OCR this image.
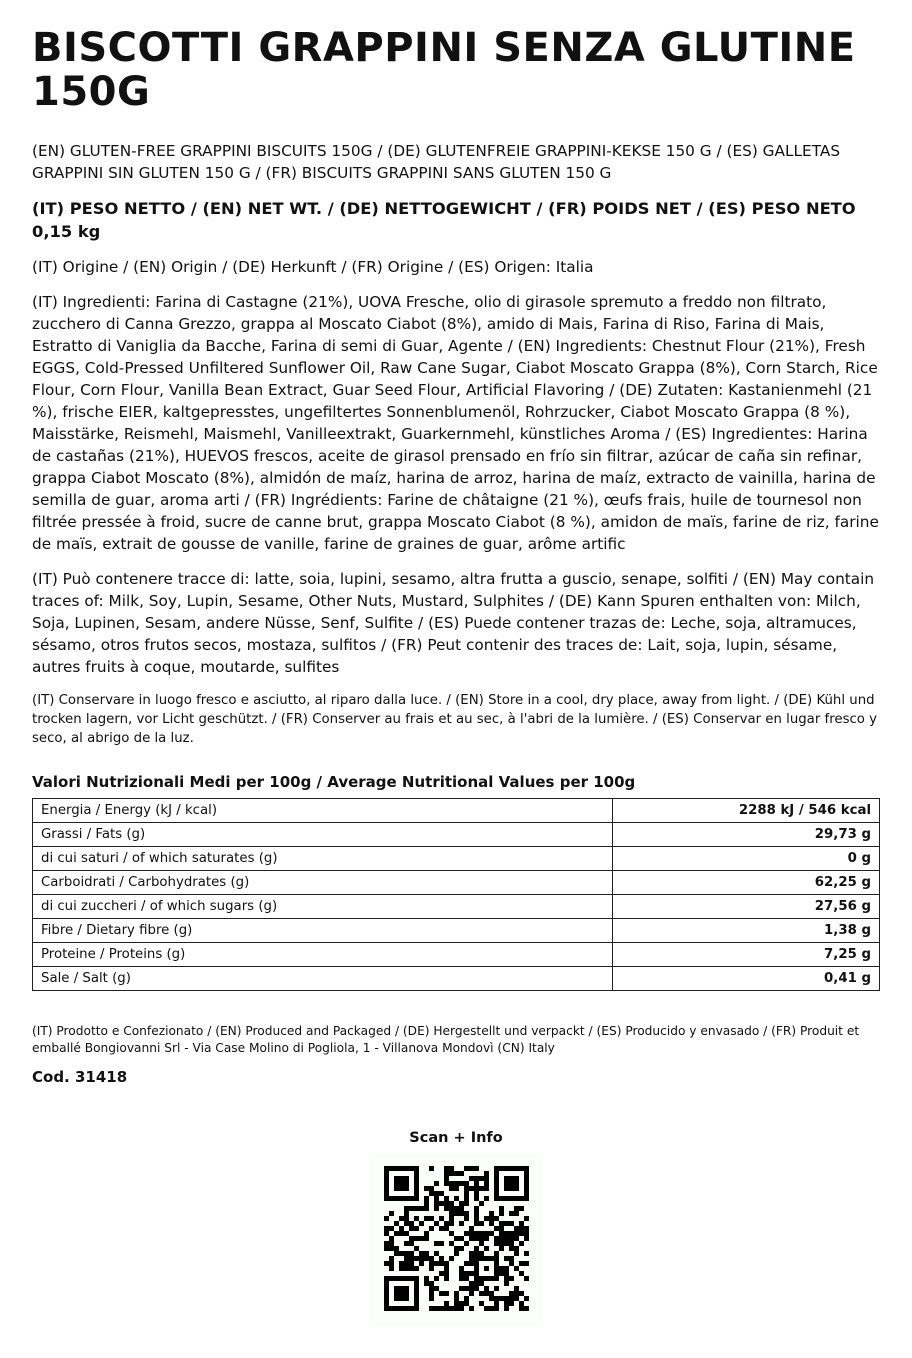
BISCOTTI GRAPPINI SENZA GLUTINE 150G

(EN) GLUTEN-FREE GRAPPINI BISCUITS 150G / (DE) GLUTENFREIE GRAPPINI-KEKSE 150 G / (ES) GALLETAS GRAPPINI SIN GLUTEN 150 G / (FR) BISCUITS GRAPPINI SANS GLUTEN 150 G

(IT) PESO NETTO / (EN) NET WT. / (DE) NETTOGEWICHT / (FR) POIDS NET / (ES) PESO NETO 0,15 kg

(IT) Origine / (EN) Origin / (DE) Herkunft / (FR) Origine / (ES) Origen: Italia

(IT) Ingredienti: Farina di Castagne (21%), UOVA Fresche, olio di girasole spremuto a freddo non filtrato, zucchero di Canna Grezzo, grappa al Moscato Ciabot (8%), amido di Mais, Farina di Riso, Farina di Mais, Estratto di Vaniglia da Bacche, Farina di semi di Guar, Agente / (EN) Ingredients: Chestnut Flour (21%), Fresh EGGS, Cold-Pressed Unfiltered Sunflower Oil, Raw Cane Sugar, Ciabot Moscato Grappa (8%), Corn Starch, Rice Flour, Corn Flour, Vanilla Bean Extract, Guar Seed Flour, Artificial Flavoring / (DE) Zutaten: Kastanienmehl (21 %), frische EIER, kaltgepresstes, ungefiltertes Sonnenblumenöl, Rohrzucker, Ciabot Moscato Grappa (8 %), Maisstärke, Reismehl, Maismehl, Vanilleextrakt, Guarkernmehl, künstliches Aroma / (ES) Ingredientes: Harina de castañas (21%), HUEVOS frescos, aceite de girasol prensado en frío sin filtrar, azúcar de caña sin refinar, grappa Ciabot Moscato (8%), almidón de maíz, harina de arroz, harina de maíz, extracto de vainilla, harina de semilla de guar, aroma arti / (FR) Ingrédients: Farine de châtaigne (21 %), œufs frais, huile de tournesol non filtrée pressée à froid, sucre de canne brut, grappa Moscato Ciabot (8 %), amidon de maïs, farine de riz, farine de maïs, extrait de gousse de vanille, farine de graines de guar, arôme artific

(IT) Può contenere tracce di: latte, soia, lupini, sesamo, altra frutta a guscio, senape, solfiti / (EN) May contain traces of: Milk, Soy, Lupin, Sesame, Other Nuts, Mustard, Sulphites / (DE) Kann Spuren enthalten von: Milch, Soja, Lupinen, Sesam, andere Nüsse, Senf, Sulfite / (ES) Puede contener trazas de: Leche, soja, altramuces, sésamo, otros frutos secos, mostaza, sulfitos / (FR) Peut contenir des traces de: Lait, soja, lupin, sésame, autres fruits à coque, moutarde, sulfites

(IT) Conservare in luogo fresco e asciutto, al riparo dalla luce. / (EN) Store in a cool, dry place, away from light. / (DE) Kühl und trocken lagern, vor Licht geschützt. / (FR) Conserver au frais et au sec, à l'abri de la lumière. / (ES) Conservar en lugar fresco y seco, al abrigo de la luz.

Valori Nutrizionali Medi per 100g / Average Nutritional Values per 100g
Energia / Energy (kJ / kcal)	2288 kJ / 546 kcal
Grassi / Fats (g)	29,73 g
di cui saturi / of which saturates (g)	0 g
Carboidrati / Carbohydrates (g)	62,25 g
di cui zuccheri / of which sugars (g)	27,56 g
Fibre / Dietary fibre (g)	1,38 g
Proteine / Proteins (g)	7,25 g
Sale / Salt (g)	0,41 g

(IT) Prodotto e Confezionato / (EN) Produced and Packaged / (DE) Hergestellt und verpackt / (ES) Producido y envasado / (FR) Produit et emballé Bongiovanni Srl - Via Case Molino di Pogliola, 1 - Villanova Mondovì (CN) Italy

Cod. 31418

Scan + Info
